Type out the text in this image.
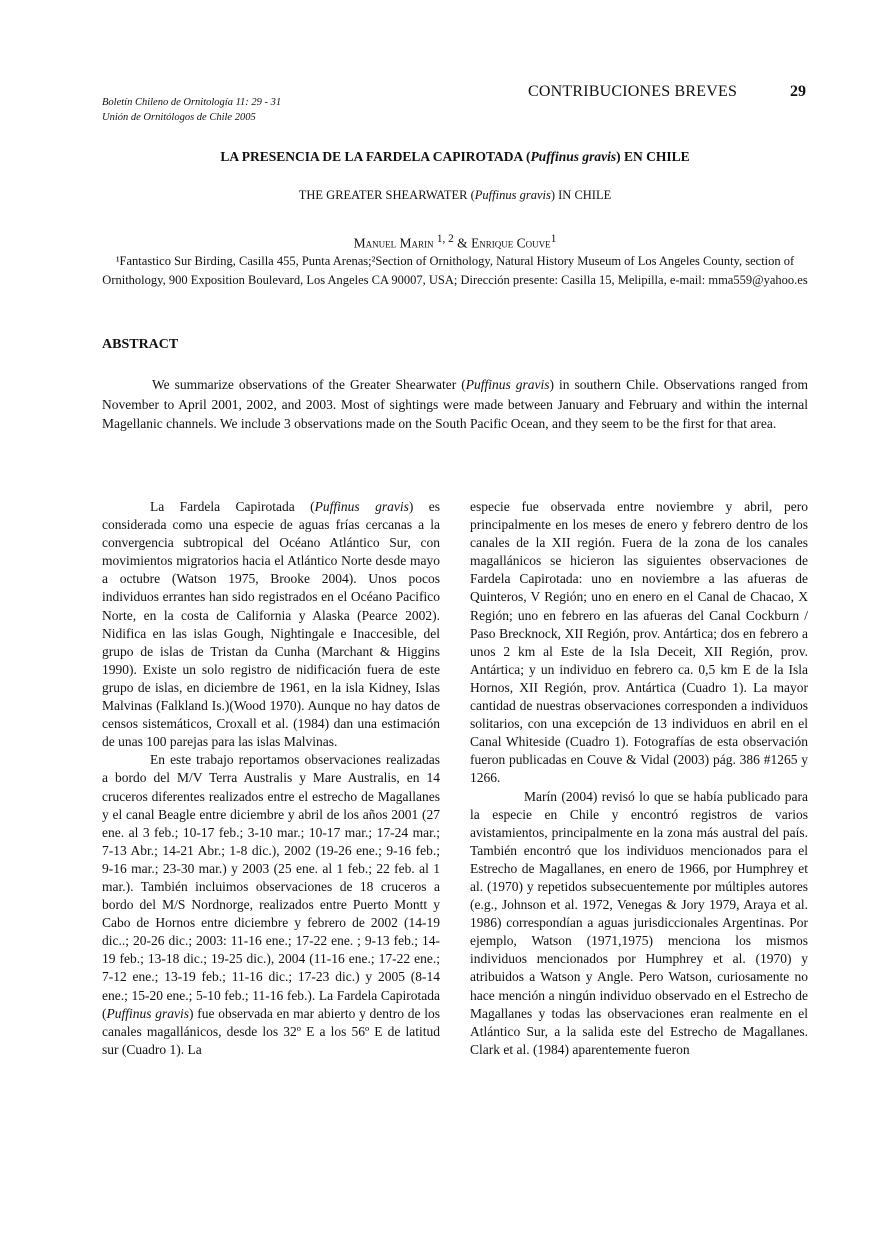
Boletín Chileno de Ornitología 11: 29 - 31
Unión de Ornitólogos de Chile 2005
CONTRIBUCIONES BREVES	29
LA PRESENCIA DE LA FARDELA CAPIROTADA (Puffinus gravis) EN CHILE
THE GREATER SHEARWATER (Puffinus gravis) IN CHILE
Manuel Marin $^{1, 2}$ & Enrique Couve$^1$
¹Fantastico Sur Birding, Casilla 455, Punta Arenas;²Section of Ornithology, Natural History Museum of Los Angeles County, section of Ornithology, 900 Exposition Boulevard, Los Angeles CA 90007, USA; Dirección presente: Casilla 15, Melipilla, e-mail: mma559@yahoo.es
ABSTRACT
We summarize observations of the Greater Shearwater (Puffinus gravis) in southern Chile. Observations ranged from November to April 2001, 2002, and 2003. Most of sightings were made between January and February and within the internal Magellanic channels. We include 3 observations made on the South Pacific Ocean, and they seem to be the first for that area.

La Fardela Capirotada (Puffinus gravis) es considerada como una especie de aguas frías cercanas a la convergencia subtropical del Océano Atlántico Sur, con movimientos migratorios hacia el Atlántico Norte desde mayo a octubre (Watson 1975, Brooke 2004). Unos pocos individuos errantes han sido registrados en el Océano Pacifico Norte, en la costa de California y Alaska (Pearce 2002). Nidifica en las islas Gough, Nightingale e Inaccesible, del grupo de islas de Tristan da Cunha (Marchant & Higgins 1990). Existe un solo registro de nidificación fuera de este grupo de islas, en diciembre de 1961, en la isla Kidney, Islas Malvinas (Falkland Is.)(Wood 1970). Aunque no hay datos de censos sistemáticos, Croxall et al. (1984) dan una estimación de unas 100 parejas para las islas Malvinas.

En este trabajo reportamos observaciones realizadas a bordo del M/V Terra Australis y Mare Australis, en 14 cruceros diferentes realizados entre el estrecho de Magallanes y el canal Beagle entre diciembre y abril de los años 2001 (27 ene. al 3 feb.; 10-17 feb.; 3-10 mar.; 10-17 mar.; 17-24 mar.; 7-13 Abr.; 14-21 Abr.; 1-8 dic.), 2002 (19-26 ene.; 9-16 feb.; 9-16 mar.; 23-30 mar.) y 2003 (25 ene. al 1 feb.; 22 feb. al 1 mar.). También incluimos observaciones de 18 cruceros a bordo del M/S Nordnorge, realizados entre Puerto Montt y Cabo de Hornos entre diciembre y febrero de 2002 (14-19 dic..; 20-26 dic.; 2003: 11-16 ene.; 17-22 ene. ; 9-13 feb.; 14-19 feb.; 13-18 dic.; 19-25 dic.), 2004 (11-16 ene.; 17-22 ene.; 7-12 ene.; 13-19 feb.; 11-16 dic.; 17-23 dic.) y 2005 (8-14 ene.; 15-20 ene.; 5-10 feb.; 11-16 feb.). La Fardela Capirotada (Puffinus gravis) fue observada en mar abierto y dentro de los canales magallánicos, desde los 32º E a los 56º E de latitud sur (Cuadro 1). La

especie fue observada entre noviembre y abril, pero principalmente en los meses de enero y febrero dentro de los canales de la XII región. Fuera de la zona de los canales magallánicos se hicieron las siguientes observaciones de Fardela Capirotada: uno en noviembre a las afueras de Quinteros, V Región; uno en enero en el Canal de Chacao, X Región; uno en febrero en las afueras del Canal Cockburn / Paso Brecknock, XII Región, prov. Antártica; dos en febrero a unos 2 km al Este de la Isla Deceit, XII Región, prov. Antártica; y un individuo en febrero ca. 0,5 km E de la Isla Hornos, XII Región, prov. Antártica (Cuadro 1). La mayor cantidad de nuestras observaciones corresponden a individuos solitarios, con una excepción de 13 individuos en abril en el Canal Whiteside (Cuadro 1). Fotografías de esta observación fueron publicadas en Couve & Vidal (2003) pág. 386 #1265 y 1266.

Marín (2004) revisó lo que se había publicado para la especie en Chile y encontró registros de varios avistamientos, principalmente en la zona más austral del país. También encontró que los individuos mencionados para el Estrecho de Magallanes, en enero de 1966, por Humphrey et al. (1970) y repetidos subsecuentemente por múltiples autores (e.g., Johnson et al. 1972, Venegas & Jory 1979, Araya et al. 1986) correspondían a aguas jurisdiccionales Argentinas. Por ejemplo, Watson (1971,1975) menciona los mismos individuos mencionados por Humphrey et al. (1970) y atribuidos a Watson y Angle. Pero Watson, curiosamente no hace mención a ningún individuo observado en el Estrecho de Magallanes y todas las observaciones eran realmente en el Atlántico Sur, a la salida este del Estrecho de Magallanes. Clark et al. (1984) aparentemente fueron
